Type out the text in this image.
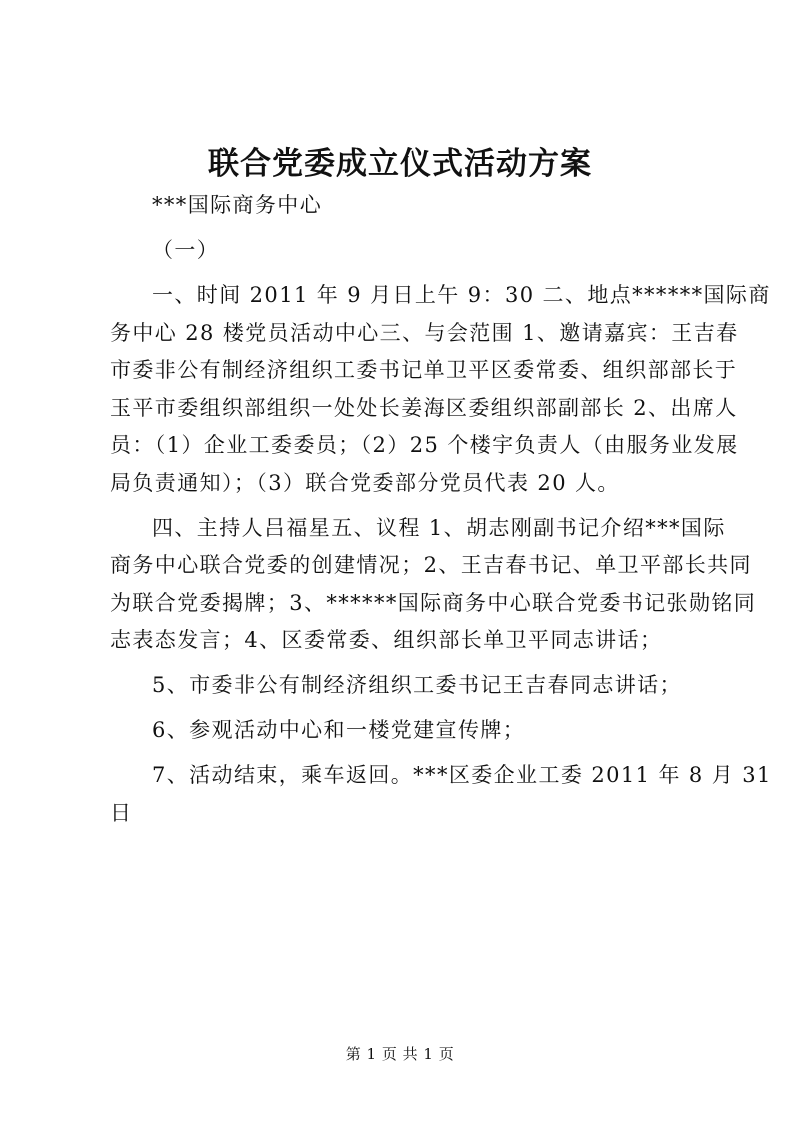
联合党委成立仪式活动方案
***国际商务中心
（一）
一、时间 2011 年 9 月日上午 9：30 二、地点******国际商
务中心 28 楼党员活动中心三、与会范围 1、邀请嘉宾：王吉春
市委非公有制经济组织工委书记单卫平区委常委、组织部部长于
玉平市委组织部组织一处处长姜海区委组织部副部长 2、出席人
员：（1）企业工委委员；（2）25 个楼宇负责人（由服务业发展
局负责通知）；（3）联合党委部分党员代表 20 人。
四、主持人吕福星五、议程 1、胡志刚副书记介绍***国际
商务中心联合党委的创建情况；2、王吉春书记、单卫平部长共同
为联合党委揭牌；3、******国际商务中心联合党委书记张勋铭同
志表态发言；4、区委常委、组织部长单卫平同志讲话；
5、市委非公有制经济组织工委书记王吉春同志讲话；
6、参观活动中心和一楼党建宣传牌；
7、活动结束，乘车返回。***区委企业工委 2011 年 8 月 31
日
第 1 页 共 1 页
